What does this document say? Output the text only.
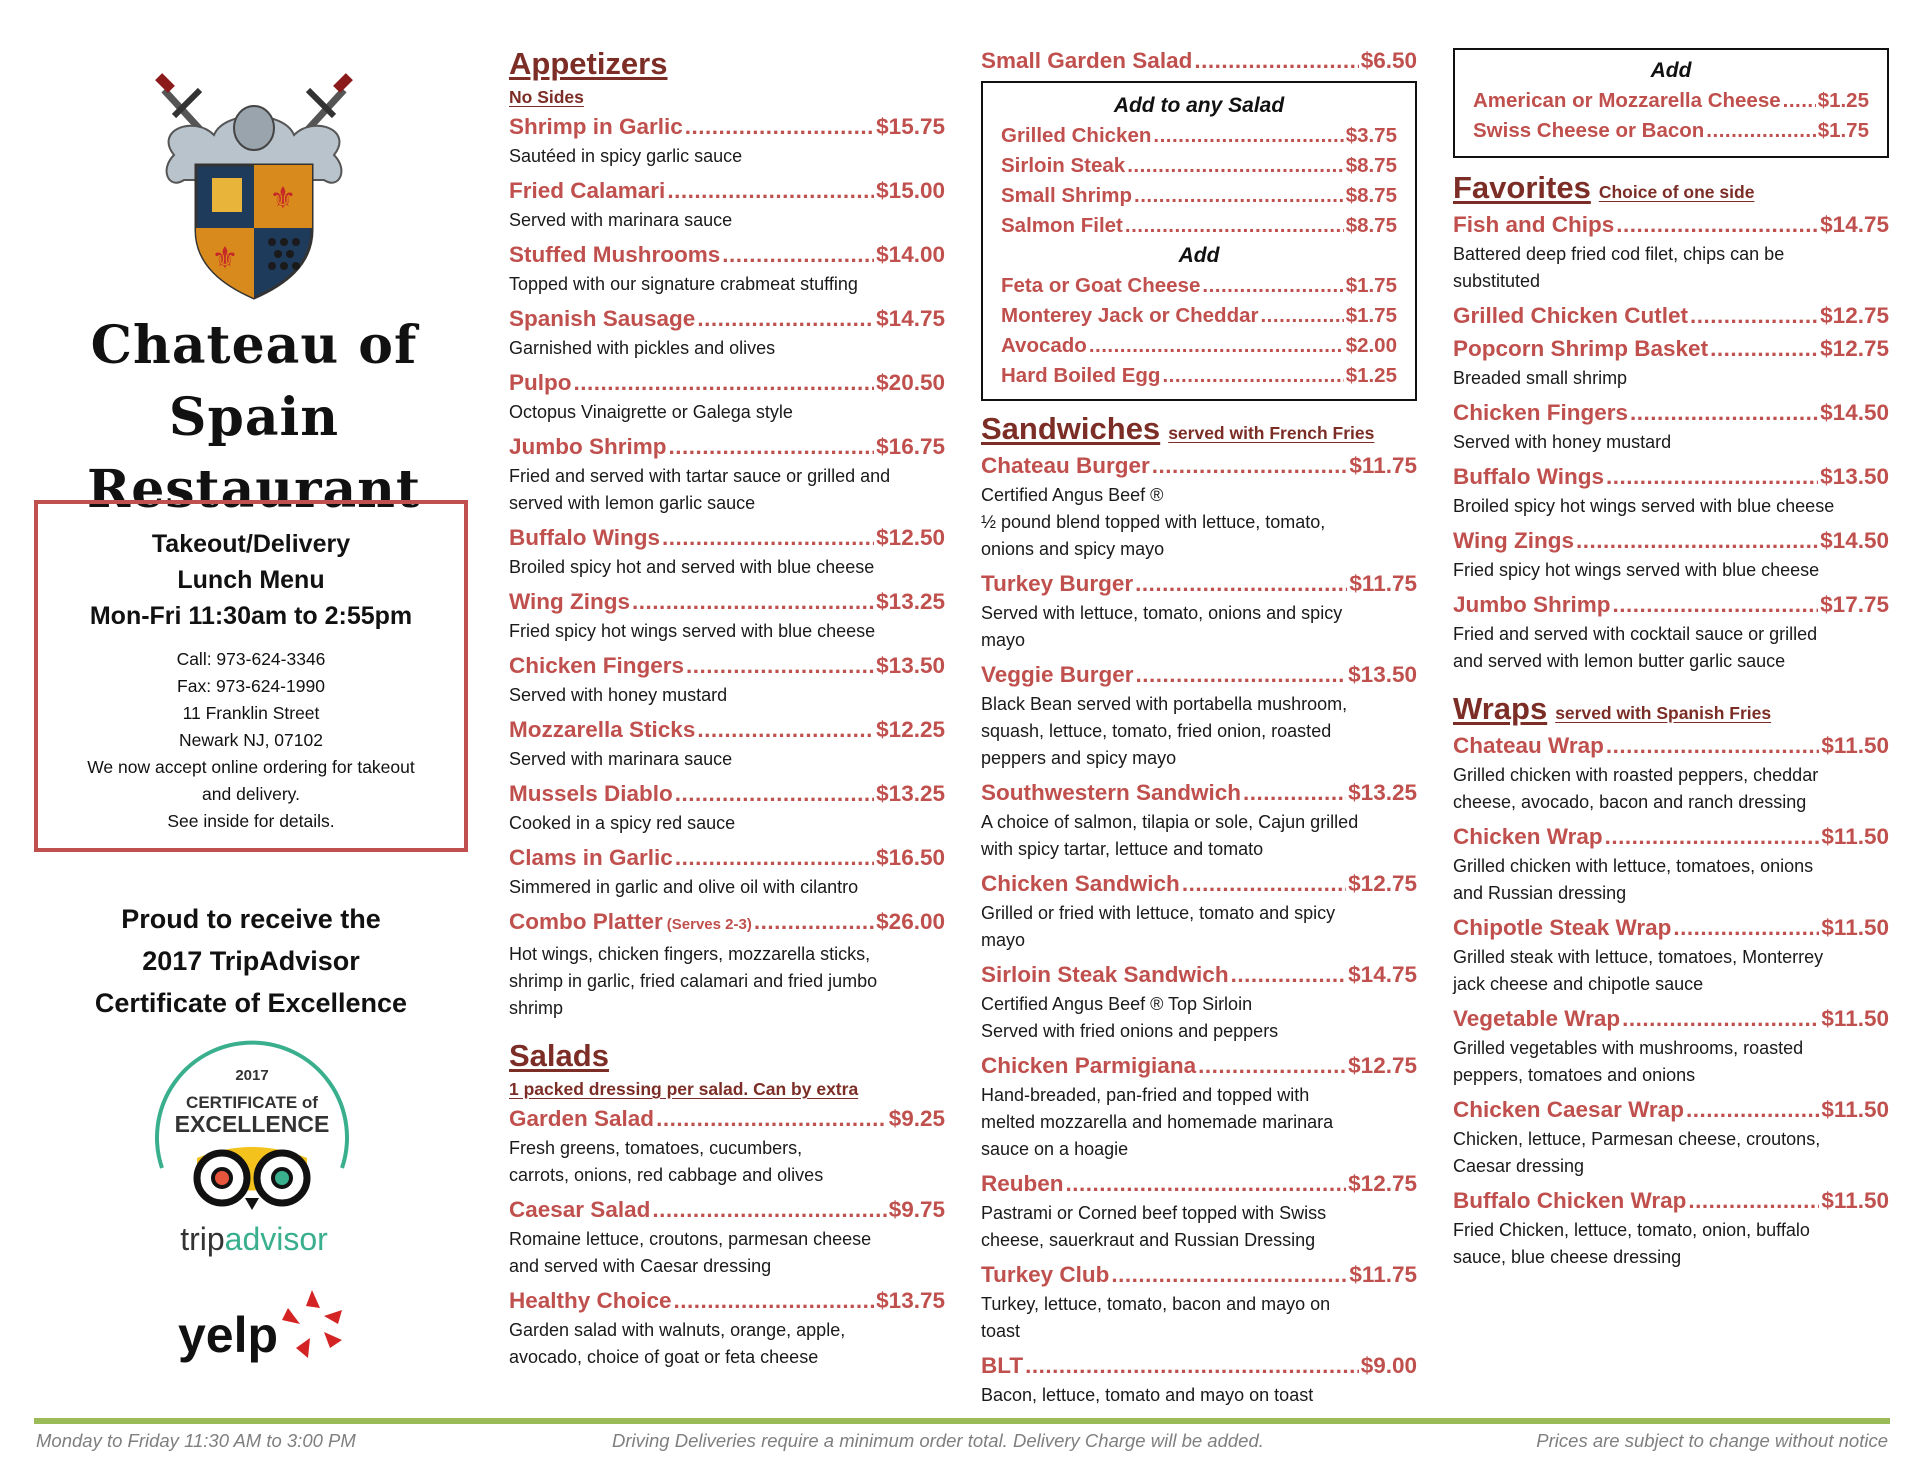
⚜
⚜
Chateau of Spain
Restaurant
Takeout/Delivery
Lunch Menu
Mon-Fri 11:30am to 2:55pm
Call: 973-624-3346
Fax: 973-624-1990
11 Franklin Street
Newark NJ, 07102
We now accept online ordering for takeout
and delivery.
See inside for details.
Proud to receive the
2017 TripAdvisor
Certificate of Excellence
2017
CERTIFICATE of
EXCELLENCE
tripadvisor
yelp
Appetizers
No Sides
Shrimp in Garlic .....	$15.75
Sautéed in spicy garlic sauce
Fried Calamari .....	$15.00
Served with marinara sauce
Stuffed Mushrooms .....	$14.00
Topped with our signature crabmeat stuffing
Spanish Sausage .....	$14.75
Garnished with pickles and olives
Pulpo .....	$20.50
Octopus Vinaigrette or Galega style
Jumbo Shrimp .....	$16.75
Fried and served with tartar sauce or grilled and
served with lemon garlic sauce
Buffalo Wings .....	$12.50
Broiled spicy hot and served with blue cheese
Wing Zings .....	$13.25
Fried spicy hot wings served with blue cheese
Chicken Fingers .....	$13.50
Served with honey mustard
Mozzarella Sticks .....	$12.25
Served with marinara sauce
Mussels Diablo .....	$13.25
Cooked in a spicy red sauce
Clams in Garlic .....	$16.50
Simmered in garlic and olive oil with cilantro
Combo Platter (Serves 2-3) .....	$26.00
Hot wings, chicken fingers, mozzarella sticks,
shrimp in garlic, fried calamari and fried jumbo
shrimp
Salads
1 packed dressing per salad. Can by extra
Garden Salad .....	$9.25
Fresh greens, tomatoes, cucumbers,
carrots, onions, red cabbage and olives
Caesar Salad .....	$9.75
Romaine lettuce, croutons, parmesan cheese
and served with Caesar dressing
Healthy Choice .....	$13.75
Garden salad with walnuts, orange, apple,
avocado, choice of goat or feta cheese
Small Garden Salad .....	$6.50
Add to any Salad
Grilled Chicken .....	$3.75
Sirloin Steak .....	$8.75
Small Shrimp .....	$8.75
Salmon Filet .....	$8.75
Add
Feta or Goat Cheese .....	$1.75
Monterey Jack or Cheddar .....	$1.75
Avocado .....	$2.00
Hard Boiled Egg .....	$1.25
Sandwiches served with French Fries
Chateau Burger .....	$11.75
Certified Angus Beef ®
½ pound blend topped with lettuce, tomato,
onions and spicy mayo
Turkey Burger .....	$11.75
Served with lettuce, tomato, onions and spicy
mayo
Veggie Burger .....	$13.50
Black Bean served with portabella mushroom,
squash, lettuce, tomato, fried onion, roasted
peppers and spicy mayo
Southwestern Sandwich .....	$13.25
A choice of salmon, tilapia or sole, Cajun grilled
with spicy tartar, lettuce and tomato
Chicken Sandwich .....	$12.75
Grilled or fried with lettuce, tomato and spicy
mayo
Sirloin Steak Sandwich .....	$14.75
Certified Angus Beef ® Top Sirloin
Served with fried onions and peppers
Chicken Parmigiana .....	$12.75
Hand-breaded, pan-fried and topped with
melted mozzarella and homemade marinara
sauce on a hoagie
Reuben .....	$12.75
Pastrami or Corned beef topped with Swiss
cheese, sauerkraut and Russian Dressing
Turkey Club .....	$11.75
Turkey, lettuce, tomato, bacon and mayo on
toast
BLT .....	$9.00
Bacon, lettuce, tomato and mayo on toast
Add
American or Mozzarella Cheese ..... $1.25
Swiss Cheese or Bacon .....	$1.75
Favorites Choice of one side
Fish and Chips .....	$14.75
Battered deep fried cod filet, chips can be
substituted
Grilled Chicken Cutlet .....	$12.75
Popcorn Shrimp Basket .....	$12.75
Breaded small shrimp
Chicken Fingers .....	$14.50
Served with honey mustard
Buffalo Wings .....	$13.50
Broiled spicy hot wings served with blue cheese
Wing Zings .....	$14.50
Fried spicy hot wings served with blue cheese
Jumbo Shrimp .....	$17.75
Fried and served with cocktail sauce or grilled
and served with lemon butter garlic sauce
Wraps served with Spanish Fries
Chateau Wrap .....	$11.50
Grilled chicken with roasted peppers, cheddar
cheese, avocado, bacon and ranch dressing
Chicken Wrap .....	$11.50
Grilled chicken with lettuce, tomatoes, onions
and Russian dressing
Chipotle Steak Wrap .....	$11.50
Grilled steak with lettuce, tomatoes, Monterrey
jack cheese and chipotle sauce
Vegetable Wrap .....	$11.50
Grilled vegetables with mushrooms, roasted
peppers, tomatoes and onions
Chicken Caesar Wrap .....	$11.50
Chicken, lettuce, Parmesan cheese, croutons,
Caesar dressing
Buffalo Chicken Wrap .....	$11.50
Fried Chicken, lettuce, tomato, onion, buffalo
sauce, blue cheese dressing
Monday to Friday 11:30 AM to 3:00 PM	Driving Deliveries require a minimum order total. Delivery Charge will be added.	Prices are subject to change without notice
